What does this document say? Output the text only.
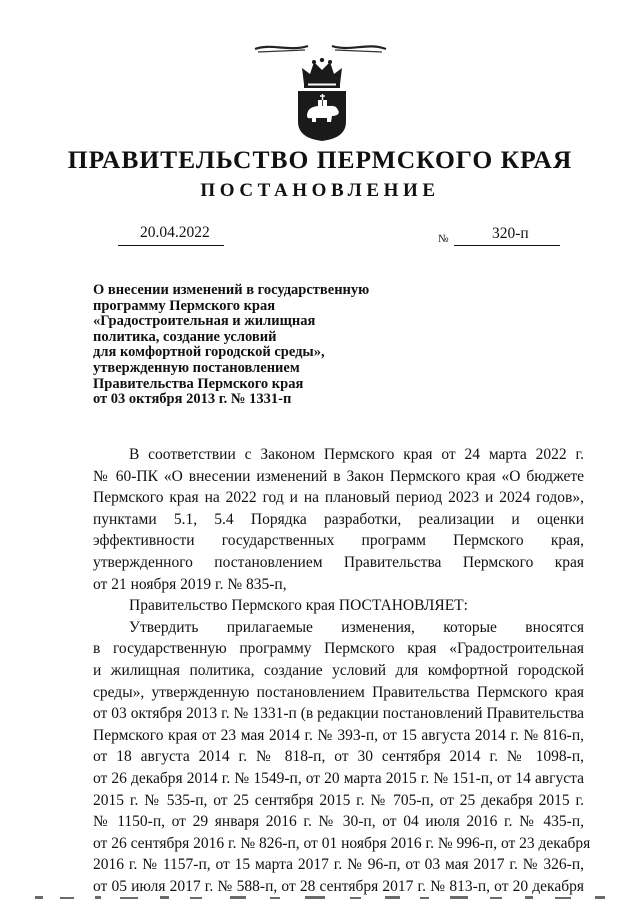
ПРАВИТЕЛЬСТВО ПЕРМСКОГО КРАЯ
ПОСТАНОВЛЕНИЕ
20.04.2022	№	320-п
О внесении изменений в государственную
программу Пермского края
«Градостроительная и жилищная
политика, создание условий
для комфортной городской среды»,
утвержденную постановлением
Правительства Пермского края
от 03 октября 2013 г. № 1331-п
В соответствии с Законом Пермского края от 24 марта 2022 г.
№ 60-ПК «О внесении изменений в Закон Пермского края «О бюджете
Пермского края на 2022 год и на плановый период 2023 и 2024 годов»,
пунктами 5.1, 5.4 Порядка разработки, реализации и оценки
эффективности государственных программ Пермского края,
утвержденного постановлением Правительства Пермского края
от 21 ноября 2019 г. № 835-п,
Правительство Пермского края ПОСТАНОВЛЯЕТ:
Утвердить прилагаемые изменения, которые вносятся
в государственную программу Пермского края «Градостроительная
и жилищная политика, создание условий для комфортной городской
среды», утвержденную постановлением Правительства Пермского края
от 03 октября 2013 г. № 1331-п (в редакции постановлений Правительства
Пермского края от 23 мая 2014 г. № 393-п, от 15 августа 2014 г. № 816-п,
от 18 августа 2014 г. № 818-п, от 30 сентября 2014 г. № 1098-п,
от 26 декабря 2014 г. № 1549-п, от 20 марта 2015 г. № 151-п, от 14 августа
2015 г. № 535-п, от 25 сентября 2015 г. № 705-п, от 25 декабря 2015 г.
№ 1150-п, от 29 января 2016 г. № 30-п, от 04 июля 2016 г. № 435-п,
от 26 сентября 2016 г. № 826-п, от 01 ноября 2016 г. № 996-п, от 23 декабря
2016 г. № 1157-п, от 15 марта 2017 г. № 96-п, от 03 мая 2017 г. № 326-п,
от 05 июля 2017 г. № 588-п, от 28 сентября 2017 г. № 813-п, от 20 декабря
